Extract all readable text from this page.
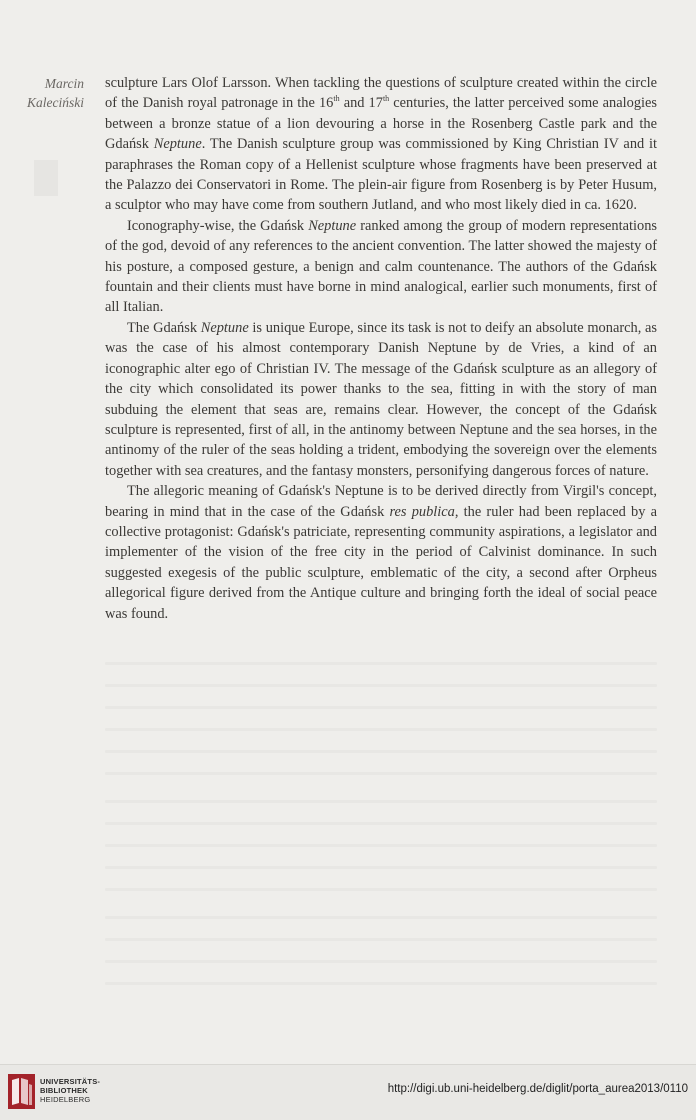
Marcin
Kaleciński

sculpture Lars Olof Larsson. When tackling the questions of sculpture created within the circle of the Danish royal patronage in the 16th and 17th centuries, the latter perceived some analogies between a bronze statue of a lion devouring a horse in the Rosenberg Castle park and the Gdańsk Neptune. The Danish sculpture group was commissioned by King Christian IV and it paraphrases the Roman copy of a Hellenist sculpture whose fragments have been preserved at the Palazzo dei Conservatori in Rome. The plein-air figure from Rosenberg is by Peter Husum, a sculptor who may have come from southern Jutland, and who most likely died in ca. 1620.

Iconography-wise, the Gdańsk Neptune ranked among the group of modern representations of the god, devoid of any references to the ancient convention. The latter showed the majesty of his posture, a composed gesture, a benign and calm countenance. The authors of the Gdańsk fountain and their clients must have borne in mind analogical, earlier such monuments, first of all Italian.

The Gdańsk Neptune is unique Europe, since its task is not to deify an absolute monarch, as was the case of his almost contemporary Danish Neptune by de Vries, a kind of an iconographic alter ego of Christian IV. The message of the Gdańsk sculpture as an allegory of the city which consolidated its power thanks to the sea, fitting in with the story of man subduing the element that seas are, remains clear. However, the concept of the Gdańsk sculpture is represented, first of all, in the antinomy between Neptune and the sea horses, in the antinomy of the ruler of the seas holding a trident, embodying the sovereign over the elements together with sea creatures, and the fantasy monsters, personifying dangerous forces of nature.

The allegoric meaning of Gdańsk's Neptune is to be derived directly from Virgil's concept, bearing in mind that in the case of the Gdańsk res publica, the ruler had been replaced by a collective protagonist: Gdańsk's patriciate, representing community aspirations, a legislator and implementer of the vision of the free city in the period of Calvinist dominance. In such suggested exegesis of the public sculpture, emblematic of the city, a second after Orpheus allegorical figure derived from the Antique culture and bringing forth the ideal of social peace was found.

UNIVERSITÄTS-
BIBLIOTHEK
HEIDELBERG
http://digi.ub.uni-heidelberg.de/diglit/porta_aurea2013/0110
